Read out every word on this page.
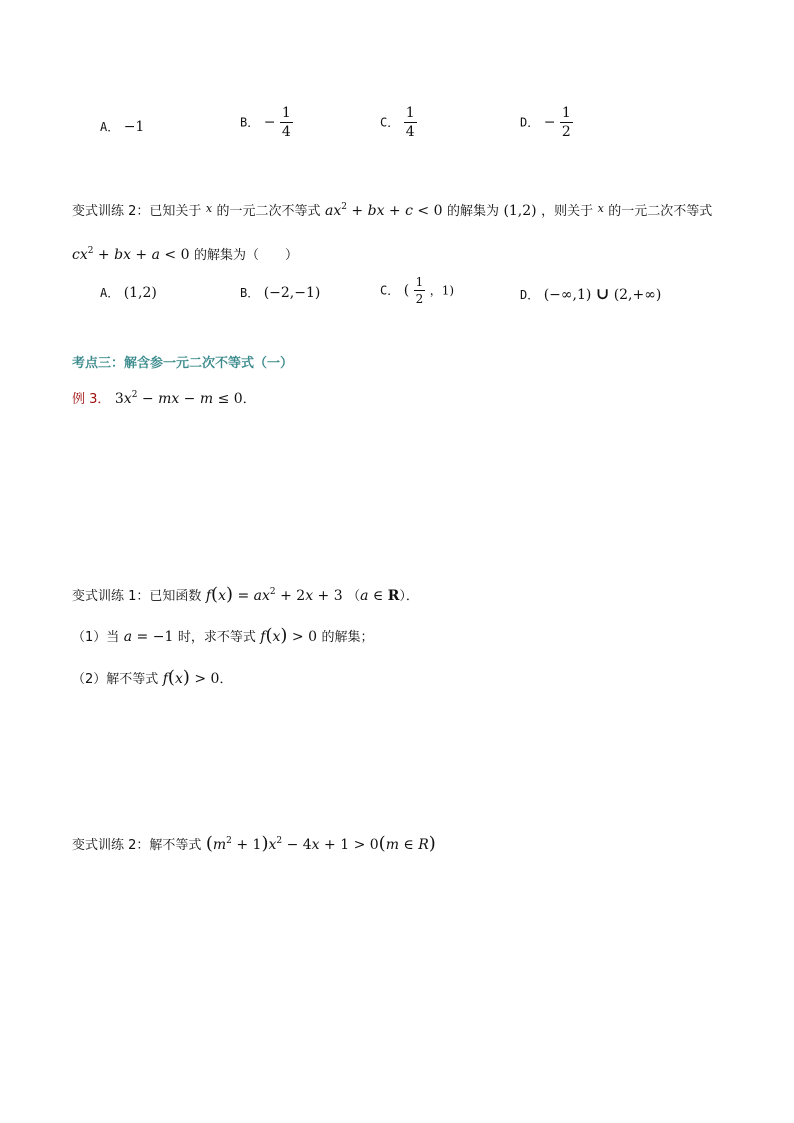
A． −1	B． − $\frac{1}{4}$	C． $\frac{1}{4}$	D． − $\frac{1}{2}$
变式训练 2：已知关于 $^x$ 的一元二次不等式 $ax^2$ + bx + c < 0 的解集为 (1,2) ，则关于 $^x$ 的一元二次不等式
$cx^2$ + bx + a < 0 的解集为（　　）
A． (1,2)	B． (−2,−1)	C． ( $\frac{1}{2}$ ，1)	D． (−∞,1) ∪ (2,+∞)
考点三：解含参一元二次不等式（一）
例 3． $3x^2$ − mx − m ≤ 0．
变式训练 1：已知函数 $f(x) = ax^2 + 2x + 3$ （a ∈ R）．
（1）当 a = −1 时，求不等式 f(x) > 0 的解集；
（2）解不等式 f(x) > 0．
变式训练 2：解不等式 $(m^2 + 1)x^2 - 4x + 1 > 0(m$ ∈ R)
